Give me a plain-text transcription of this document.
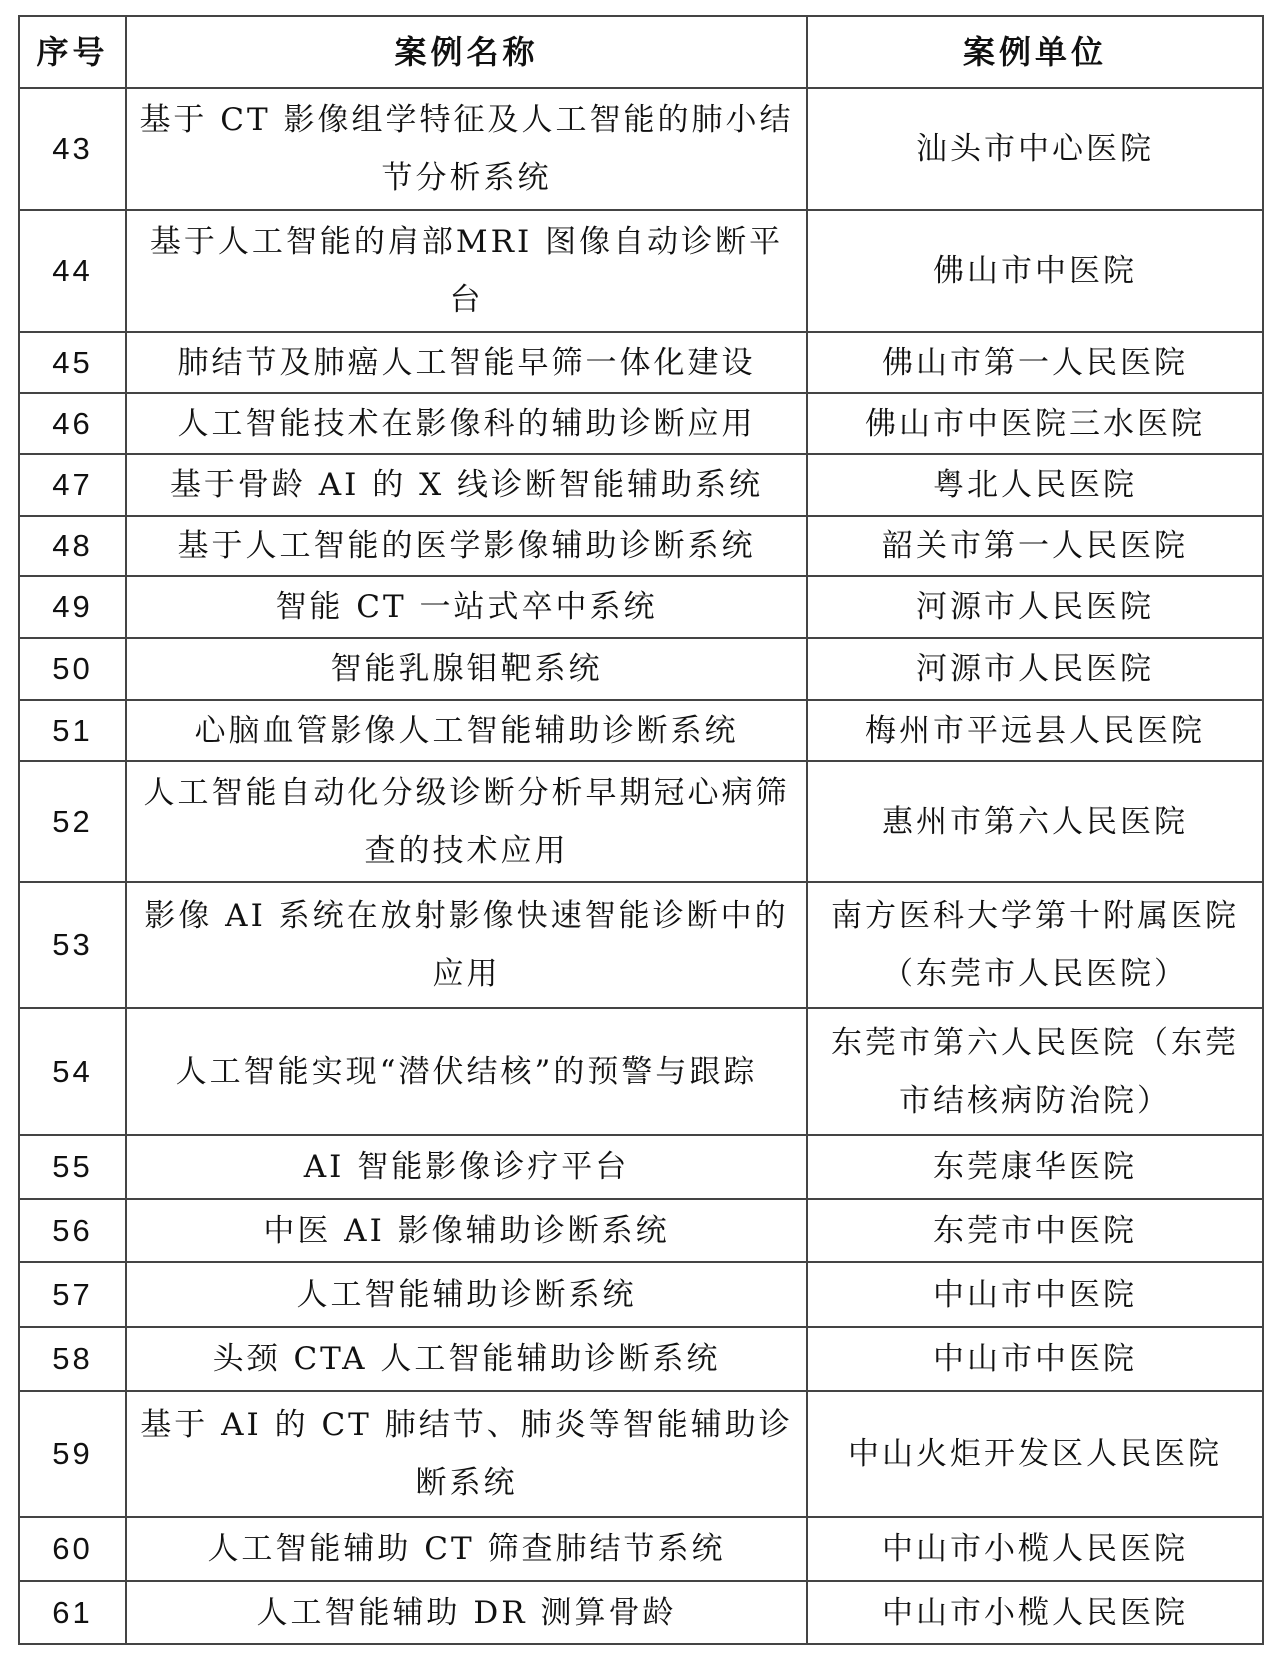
序号	案例名称	案例单位
43	基于 CT 影像组学特征及人工智能的肺小结节分析系统	汕头市中心医院
44	基于人工智能的肩部MRI 图像自动诊断平台	佛山市中医院
45	肺结节及肺癌人工智能早筛一体化建设	佛山市第一人民医院
46	人工智能技术在影像科的辅助诊断应用	佛山市中医院三水医院
47	基于骨龄 AI 的 X 线诊断智能辅助系统	粤北人民医院
48	基于人工智能的医学影像辅助诊断系统	韶关市第一人民医院
49	智能 CT 一站式卒中系统	河源市人民医院
50	智能乳腺钼靶系统	河源市人民医院
51	心脑血管影像人工智能辅助诊断系统	梅州市平远县人民医院
52	人工智能自动化分级诊断分析早期冠心病筛查的技术应用	惠州市第六人民医院
53	影像 AI 系统在放射影像快速智能诊断中的应用	南方医科大学第十附属医院（东莞市人民医院）
54	人工智能实现“潜伏结核”的预警与跟踪	东莞市第六人民医院（东莞市结核病防治院）
55	AI 智能影像诊疗平台	东莞康华医院
56	中医 AI 影像辅助诊断系统	东莞市中医院
57	人工智能辅助诊断系统	中山市中医院
58	头颈 CTA 人工智能辅助诊断系统	中山市中医院
59	基于 AI 的 CT 肺结节、肺炎等智能辅助诊断系统	中山火炬开发区人民医院
60	人工智能辅助 CT 筛查肺结节系统	中山市小榄人民医院
61	人工智能辅助 DR 测算骨龄	中山市小榄人民医院
